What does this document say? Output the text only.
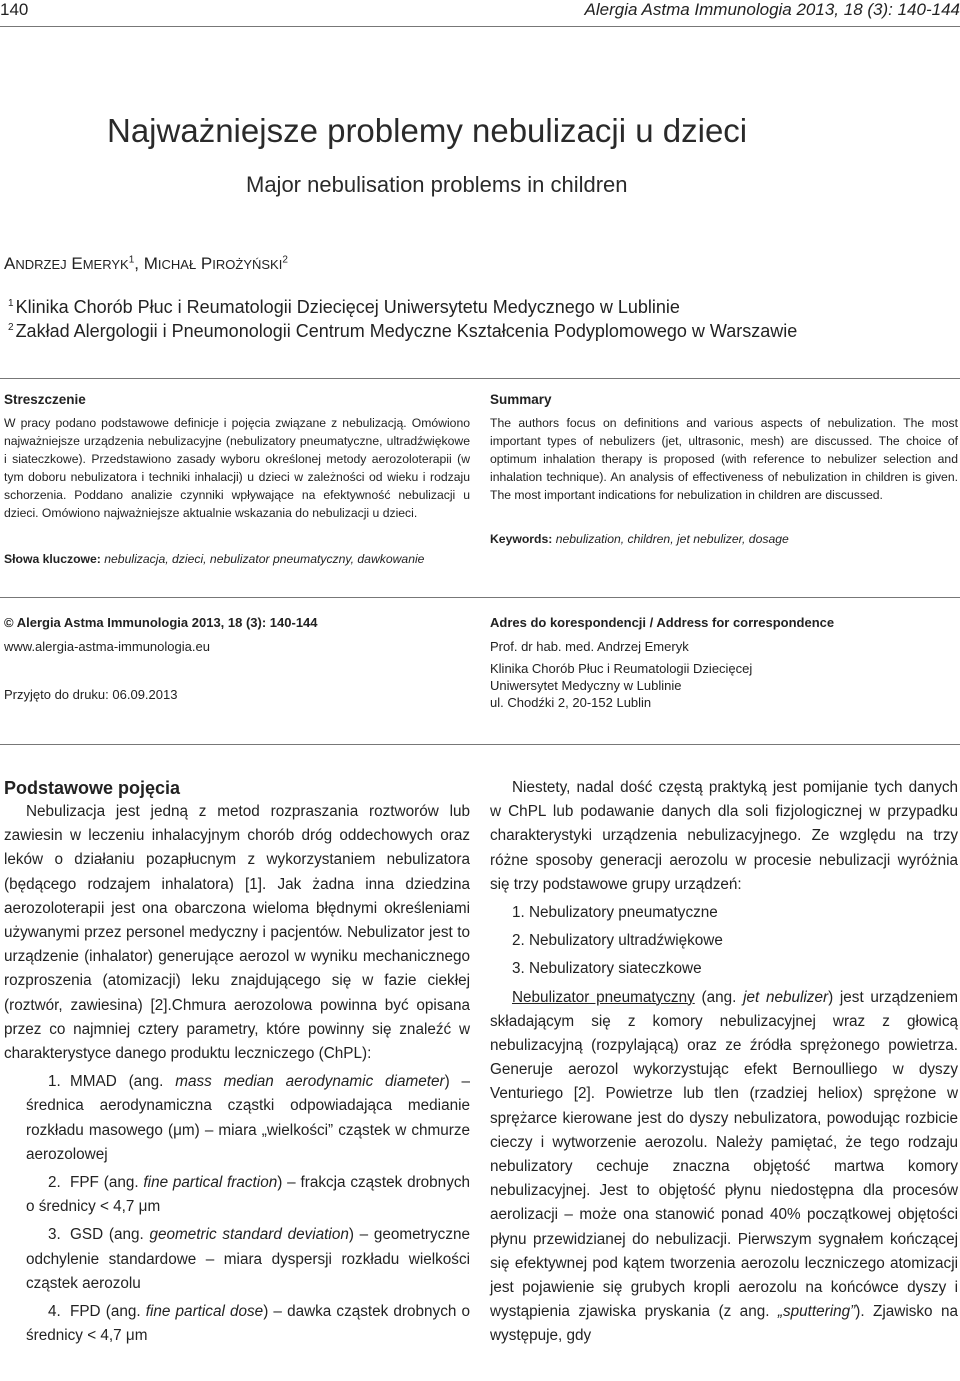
140	Alergia Astma Immunologia 2013, 18 (3): 140-144
Najważniejsze problemy nebulizacji u dzieci
Major nebulisation problems in children
ANDRZEJ EMERYK$^1$, MICHAŁ PIROŻYŃSKI$^2$
$^1$ Klinika Chorób Płuc i Reumatologii Dziecięcej Uniwersytetu Medycznego w Lublinie
$^2$ Zakład Alergologii i Pneumonologii Centrum Medyczne Kształcenia Podyplomowego w Warszawie
Streszczenie
W pracy podano podstawowe definicje i pojęcia związane z nebulizacją. Omówiono najważniejsze urządzenia nebulizacyjne (nebulizatory pneumatyczne, ultradźwiękowe i siateczkowe). Przedstawiono zasady wyboru określonej metody aerozoloterapii (w tym doboru nebulizatora i techniki inhalacji) u dzieci w zależności od wieku i rodzaju schorzenia. Poddano analizie czynniki wpływające na efektywność nebulizacji u dzieci. Omówiono najważniejsze aktualnie wskazania do nebulizacji u dzieci.
Słowa kluczowe: nebulizacja, dzieci, nebulizator pneumatyczny, dawkowanie
Summary
The authors focus on definitions and various aspects of nebulization. The most important types of nebulizers (jet, ultrasonic, mesh) are discussed. The choice of optimum inhalation therapy is proposed (with reference to nebulizer selection and inhalation technique). An analysis of effectiveness of nebulization in children is given. The most important indications for nebulization in children are discussed.
Keywords: nebulization, children, jet nebulizer, dosage
© Alergia Astma Immunologia 2013, 18 (3): 140-144
www.alergia-astma-immunologia.eu
Przyjęto do druku: 06.09.2013
Adres do korespondencji / Address for correspondence
Prof. dr hab. med. Andrzej Emeryk
Klinika Chorób Płuc i Reumatologii Dziecięcej
Uniwersytet Medyczny w Lublinie
ul. Chodźki 2, 20-152 Lublin

Podstawowe pojęcia

Nebulizacja jest jedną z metod rozpraszania roztworów lub zawiesin w leczeniu inhalacyjnym chorób dróg oddechowych oraz leków o działaniu pozapłucnym z wykorzystaniem nebulizatora (będącego rodzajem inhalatora) [1]. Jak żadna inna dziedzina aerozoloterapii jest ona obarczona wieloma błędnymi określeniami używanymi przez personel medyczny i pacjentów. Nebulizator jest to urządzenie (inhalator) generujące aerozol w wyniku mechanicznego rozproszenia (atomizacji) leku znajdującego się w fazie ciekłej (roztwór, zawiesina) [2].Chmura aerozolowa powinna być opisana przez co najmniej cztery parametry, które powinny się znaleźć w charakterystyce danego produktu leczniczego (ChPL):

1. MMAD (ang. mass median aerodynamic diameter) – średnica aerodynamiczna cząstki odpowiadająca medianie rozkładu masowego (μm) – miara „wielkości” cząstek w chmurze aerozolowej

2. FPF (ang. fine partical fraction) – frakcja cząstek drobnych o średnicy < 4,7 μm

3. GSD (ang. geometric standard deviation) – geometryczne odchylenie standardowe – miara dyspersji rozkładu wielkości cząstek aerozolu

4. FPD (ang. fine partical dose) – dawka cząstek drobnych o średnicy < 4,7 μm

Niestety, nadal dość częstą praktyką jest pomijanie tych danych w ChPL lub podawanie danych dla soli fizjologicznej w przypadku charakterystyki urządzenia nebulizacyjnego. Ze względu na trzy różne sposoby generacji aerozolu w procesie nebulizacji wyróżnia się trzy podstawowe grupy urządzeń:

1. Nebulizatory pneumatyczne

2. Nebulizatory ultradźwiękowe

3. Nebulizatory siateczkowe

Nebulizator pneumatyczny (ang. jet nebulizer) jest urządzeniem składającym się z komory nebulizacyjnej wraz z głowicą nebulizacyjną (rozpylającą) oraz ze źródła sprężonego powietrza. Generuje aerozol wykorzystując efekt Bernoulliego w dyszy Venturiego [2]. Powietrze lub tlen (rzadziej heliox) sprężone w sprężarce kierowane jest do dyszy nebulizatora, powodując rozbicie cieczy i wytworzenie aerozolu. Należy pamiętać, że tego rodzaju nebulizatory cechuje znaczna objętość martwa komory nebulizacyjnej. Jest to objętość płynu niedostępna dla procesów aerolizacji – może ona stanowić ponad 40% początkowej objętości płynu przewidzianej do nebulizacji. Pierwszym sygnałem kończącej się efektywnej pod kątem tworzenia aerozolu leczniczego atomizacji jest pojawienie się grubych kropli aerozolu na końcówce dyszy i wystąpienia zjawiska pryskania (z ang. „sputtering”). Zjawisko na występuje, gdy
